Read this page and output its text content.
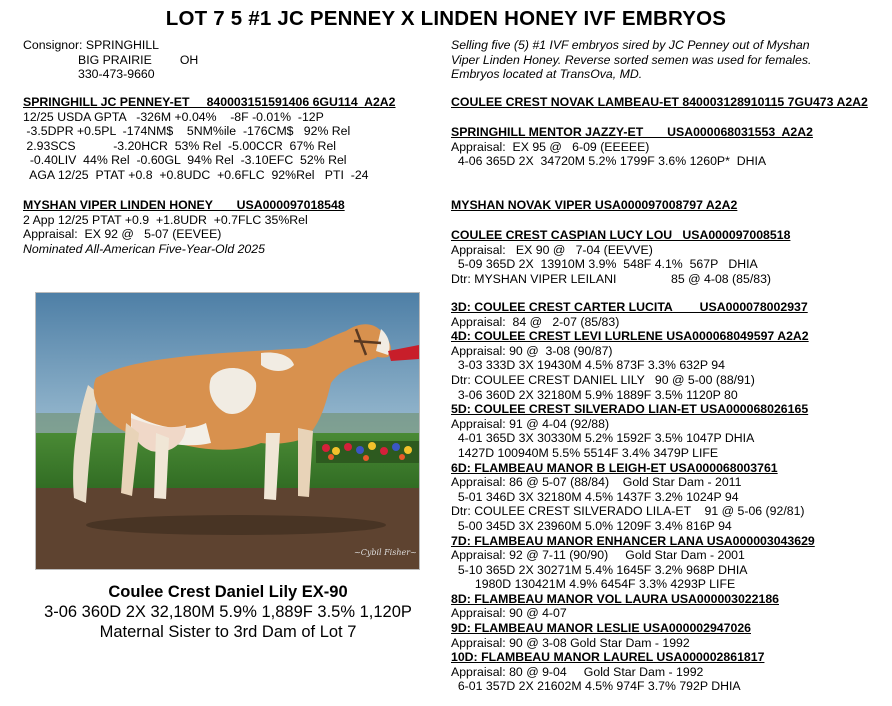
LOT 7 5 #1 JC PENNEY X LINDEN HONEY IVF EMBRYOS
Consignor: SPRINGHILL
BIG PRAIRIE OH
330-473-9660
Selling five (5) #1 IVF embryos sired by JC Penney out of Myshan
Viper Linden Honey. Reverse sorted semen was used for females.
Embryos located at TransOva, MD.
SPRINGHILL JC PENNEY-ET     840003151591406 6GU114  A2A2
12/25 USDA GPTA   -326M +0.04%    -8F -0.01%  -12P
-3.5DPR +0.5PL  -174NM$    5NM%ile  -176CM$   92% Rel
2.93SCS           -3.20HCR  53% Rel  -5.00CCR  67% Rel
-0.40LIV  44% Rel  -0.60GL  94% Rel  -3.10EFC  52% Rel
AGA 12/25  PTAT +0.8  +0.8UDC  +0.6FLC  92%Rel   PTI  -24
MYSHAN VIPER LINDEN HONEY       USA000097018548
2 App 12/25 PTAT +0.9  +1.8UDR  +0.7FLC 35%Rel
Appraisal:  EX 92 @   5-07 (EEVEE)
Nominated All-American Five-Year-Old 2025
~Cybil Fisher~
Coulee Crest Daniel Lily EX-90
3-06 360D 2X 32,180M 5.9% 1,889F 3.5% 1,120P
Maternal Sister to 3rd Dam of Lot 7
COULEE CREST NOVAK LAMBEAU-ET 840003128910115 7GU473 A2A2
SPRINGHILL MENTOR JAZZY-ET       USA000068031553  A2A2
Appraisal:  EX 95 @   6-09 (EEEEE)
4-06 365D 2X  34720M 5.2% 1799F 3.6% 1260P*  DHIA
MYSHAN NOVAK VIPER USA000097008797 A2A2
COULEE CREST CASPIAN LUCY LOU   USA000097008518
Appraisal:   EX 90 @   7-04 (EEVVE)
5-09 365D 2X  13910M 3.9%  548F 4.1%  567P   DHIA
Dtr: MYSHAN VIPER LEILANI                85 @ 4-08 (85/83)
3D: COULEE CREST CARTER LUCITA        USA000078002937
Appraisal:  84 @   2-07 (85/83)
4D: COULEE CREST LEVI LURLENE USA000068049597 A2A2
Appraisal: 90 @  3-08 (90/87)
3-03 333D 3X 19430M 4.5% 873F 3.3% 632P 94
Dtr: COULEE CREST DANIEL LILY   90 @ 5-00 (88/91)
3-06 360D 2X 32180M 5.9% 1889F 3.5% 1120P 80
5D: COULEE CREST SILVERADO LIAN-ET USA000068026165
Appraisal: 91 @ 4-04 (92/88)
4-01 365D 3X 30330M 5.2% 1592F 3.5% 1047P DHIA
1427D 100940M 5.5% 5514F 3.4% 3479P LIFE
6D: FLAMBEAU MANOR B LEIGH-ET USA000068003761
Appraisal: 86 @ 5-07 (88/84)    Gold Star Dam - 2011
5-01 346D 3X 32180M 4.5% 1437F 3.2% 1024P 94
Dtr: COULEE CREST SILVERADO LILA-ET    91 @ 5-06 (92/81)
5-00 345D 3X 23960M 5.0% 1209F 3.4% 816P 94
7D: FLAMBEAU MANOR ENHANCER LANA USA000003043629
Appraisal: 92 @ 7-11 (90/90)     Gold Star Dam - 2001
5-10 365D 2X 30271M 5.4% 1645F 3.2% 968P DHIA
1980D 130421M 4.9% 6454F 3.3% 4293P LIFE
8D: FLAMBEAU MANOR VOL LAURA USA000003022186
Appraisal: 90 @ 4-07
9D: FLAMBEAU MANOR LESLIE USA000002947026
Appraisal: 90 @ 3-08 Gold Star Dam - 1992
10D: FLAMBEAU MANOR LAUREL USA000002861817
Appraisal: 80 @ 9-04     Gold Star Dam - 1992
6-01 357D 2X 21602M 4.5% 974F 3.7% 792P DHIA
